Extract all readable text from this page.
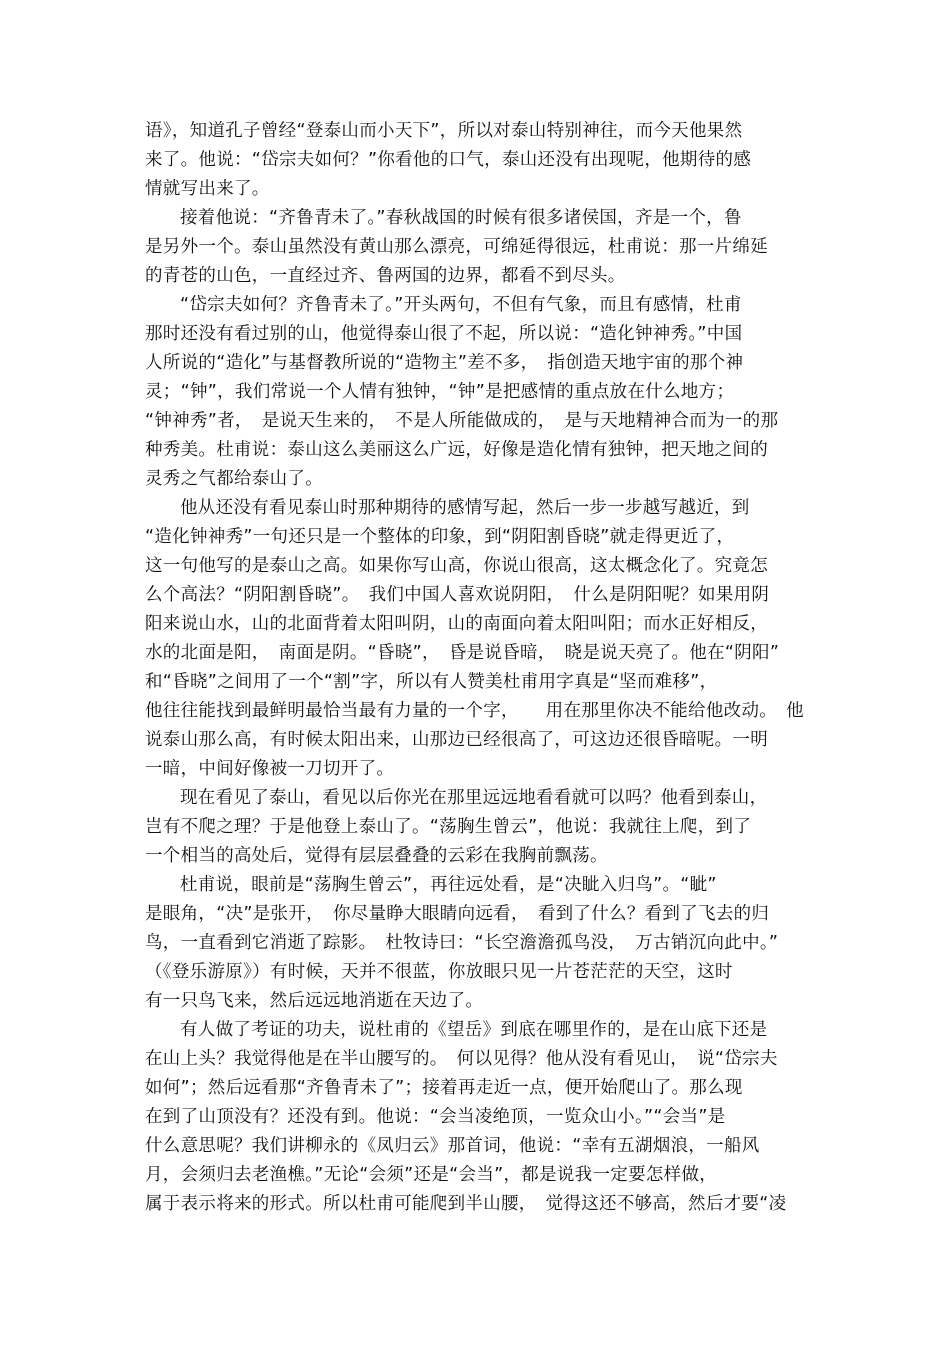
语》，知道孔子曾经“登泰山而小天下”，所以对泰山特别神往，而今天他果然
来了。他说：“岱宗夫如何？”你看他的口气，泰山还没有出现呢，他期待的感
情就写出来了。
接着他说：“齐鲁青未了。”春秋战国的时候有很多诸侯国，齐是一个，鲁
是另外一个。泰山虽然没有黄山那么漂亮，可绵延得很远，杜甫说：那一片绵延
的青苍的山色，一直经过齐、鲁两国的边界，都看不到尽头。
“岱宗夫如何？齐鲁青未了。”开头两句，不但有气象，而且有感情，杜甫
那时还没有看过别的山，他觉得泰山很了不起，所以说：“造化钟神秀。”中国
人所说的“造化”与基督教所说的“造物主”差不多，　指创造天地宇宙的那个神
灵；“钟”，我们常说一个人情有独钟，“钟”是把感情的重点放在什么地方；
“钟神秀”者，　是说天生来的，　不是人所能做成的，　是与天地精神合而为一的那
种秀美。杜甫说：泰山这么美丽这么广远，好像是造化情有独钟，把天地之间的
灵秀之气都给泰山了。
他从还没有看见泰山时那种期待的感情写起，然后一步一步越写越近，到
“造化钟神秀”一句还只是一个整体的印象，到“阴阳割昏晓”就走得更近了，
这一句他写的是泰山之高。如果你写山高，你说山很高，这太概念化了。究竟怎
么个高法？“阴阳割昏晓”。　我们中国人喜欢说阴阳，　什么是阴阳呢？如果用阴
阳来说山水，山的北面背着太阳叫阴，山的南面向着太阳叫阳；而水正好相反，
水的北面是阳，　南面是阴。“昏晓”，　昏是说昏暗，　晓是说天亮了。他在“阴阳”
和“昏晓”之间用了一个“割”字，所以有人赞美杜甫用字真是“坚而难移”，
他往往能找到最鲜明最恰当最有力量的一个字，　　用在那里你决不能给他改动。　他
说泰山那么高，有时候太阳出来，山那边已经很高了，可这边还很昏暗呢。一明
一暗，中间好像被一刀切开了。
现在看见了泰山，看见以后你光在那里远远地看看就可以吗？他看到泰山，
岂有不爬之理？于是他登上泰山了。“荡胸生曾云”，他说：我就往上爬，到了
一个相当的高处后，觉得有层层叠叠的云彩在我胸前飘荡。
杜甫说，眼前是“荡胸生曾云”，再往远处看，是“决眦入归鸟”。“眦”
是眼角，“决”是张开，　你尽量睁大眼睛向远看，　看到了什么？看到了飞去的归
鸟，一直看到它消逝了踪影。　杜牧诗曰：“长空澹澹孤鸟没，　万古销沉向此中。”
（《登乐游原》）有时候，天并不很蓝，你放眼只见一片苍茫茫的天空，这时
有一只鸟飞来，然后远远地消逝在天边了。
有人做了考证的功夫，说杜甫的《望岳》到底在哪里作的，是在山底下还是
在山上头？我觉得他是在半山腰写的。　何以见得？他从没有看见山，　说“岱宗夫
如何”；然后远看那“齐鲁青未了”；接着再走近一点，便开始爬山了。那么现
在到了山顶没有？还没有到。他说：“会当凌绝顶，一览众山小。”“会当”是
什么意思呢？我们讲柳永的《凤归云》那首词，他说：“幸有五湖烟浪，一船风
月，会须归去老渔樵。”无论“会须”还是“会当”，都是说我一定要怎样做，
属于表示将来的形式。所以杜甫可能爬到半山腰，　觉得这还不够高，然后才要“凌
